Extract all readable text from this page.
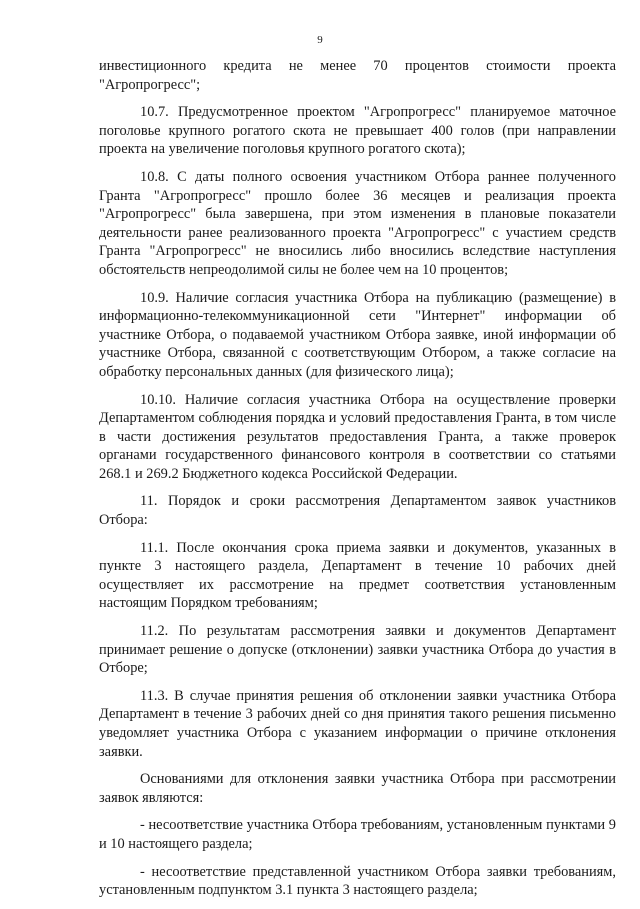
9

инвестиционного кредита не менее 70 процентов стоимости проекта "Агропрогресс";

10.7. Предусмотренное проектом "Агропрогресс" планируемое маточное поголовье крупного рогатого скота не превышает 400 голов (при направлении проекта на увеличение поголовья крупного рогатого скота);

10.8. С даты полного освоения участником Отбора раннее полученного Гранта "Агропрогресс" прошло более 36 месяцев и реализация проекта "Агропрогресс" была завершена, при этом изменения в плановые показатели деятельности ранее реализованного проекта "Агропрогресс" с участием средств Гранта "Агропрогресс" не вносились либо вносились вследствие наступления обстоятельств непреодолимой силы не более чем на 10 процентов;

10.9. Наличие согласия участника Отбора на публикацию (размещение) в информационно-телекоммуникационной сети "Интернет" информации об участнике Отбора, о подаваемой участником Отбора заявке, иной информации об участнике Отбора, связанной с соответствующим Отбором, а также согласие на обработку персональных данных (для физического лица);

10.10. Наличие согласия участника Отбора на осуществление проверки Департаментом соблюдения порядка и условий предоставления Гранта, в том числе в части достижения результатов предоставления Гранта, а также проверок органами государственного финансового контроля в соответствии со статьями 268.1 и 269.2 Бюджетного кодекса Российской Федерации.

11. Порядок и сроки рассмотрения Департаментом заявок участников Отбора:

11.1. После окончания срока приема заявки и документов, указанных в пункте 3 настоящего раздела, Департамент в течение 10 рабочих дней осуществляет их рассмотрение на предмет соответствия установленным настоящим Порядком требованиям;

11.2. По результатам рассмотрения заявки и документов Департамент принимает решение о допуске (отклонении) заявки участника Отбора до участия в Отборе;

11.3. В случае принятия решения об отклонении заявки участника Отбора Департамент в течение 3 рабочих дней со дня принятия такого решения письменно уведомляет участника Отбора с указанием информации о причине отклонения заявки.

Основаниями для отклонения заявки участника Отбора при рассмотрении заявок являются:

- несоответствие участника Отбора требованиям, установленным пунктами 9 и 10 настоящего раздела;

- несоответствие представленной участником Отбора заявки требованиям, установленным подпунктом 3.1 пункта 3 настоящего раздела;
